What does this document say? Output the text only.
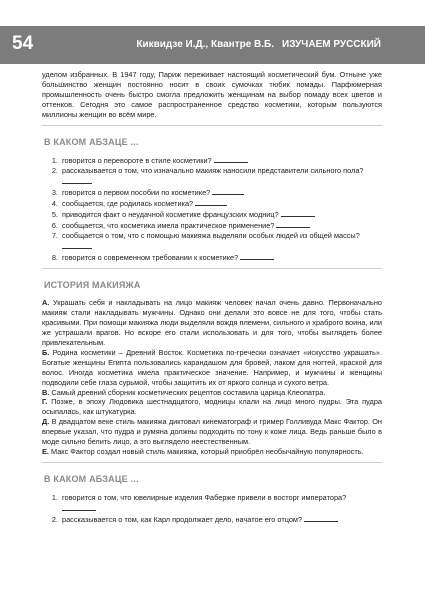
54	Киквидзе И.Д., Квантре В.Б. ИЗУЧАЕМ РУССКИЙ

уделом избранных. В 1947 году, Париж переживает настоящий косметический бум. Отныне уже большинство женщин постоянно носит в своих сумочках тюбик помады. Парфюмерная промышленность очень быстро смогла предложить женщинам на выбор помаду всех цветов и оттенков. Сегодня это самое распространенное средство косметики, которым пользуются миллионы женщин во всём мире.

В КАКОМ АБЗАЦЕ ...
1. говорится о перевороте в стиле косметики?
2. рассказывается о том, что изначально макияж наносили представители сильного пола?
3. говорится о первом пособии по косметике?
4. сообщается, где родилась косметика?
5. приводится факт о неудачной косметике французских модниц?
6. сообщается, что косметика имела практическое применение?
7. сообщается о том, что с помощью макияжа выделяли особых людей из общей массы?
8. говорится о современном требовании к косметике?
ИСТОРИЯ МАКИЯЖА

А. Украшать себя и накладывать на лицо макияж человек начал очень давно. Первоначально макияж стали накладывать мужчины. Однако они делали это вовсе не для того, чтобы стать красивыми. При помощи макияжа люди выделяли вождя племени, сильного и храброго воина, или же устрашали врагов. Но вскоре его стали использовать и для того, чтобы выглядеть более привлекательным.

Б. Родина косметики – Древний Восток. Косметика по-гречески означает «искусство украшать». Богатые женщины Египта пользовались карандашом для бровей, лаком для ногтей, краской для волос. Иногда косметика имела практическое значение. Например, и мужчины и женщины подводили себе глаза сурьмой, чтобы защитить их от яркого солнца и сухого ветра.

В. Самый древний сборник косметических рецептов составила царица Клеопатра.

Г. Позже, в эпоху Людовика шестнадцатого, модницы клали на лицо много пудры. Эта пудра осыпалась, как штукатурка.

Д. В двадцатом веке стиль макияжа диктовал кинематограф и гример Голливуда Макс Фактор. Он впервые указал, что пудра и румяна должны подходить по тону к коже лица. Ведь раньше было в моде сильно белить лицо, а это выглядело неестественным.

Е. Макс Фактор создал новый стиль макияжа, который приобрёл необычайную популярность.

В КАКОМ АБЗАЦЕ ...
1. говорится о том, что ювелирные изделия Фаберже привели в восторг императора?
2. рассказывается о том, как Карл продолжает дело, начатое его отцом?
